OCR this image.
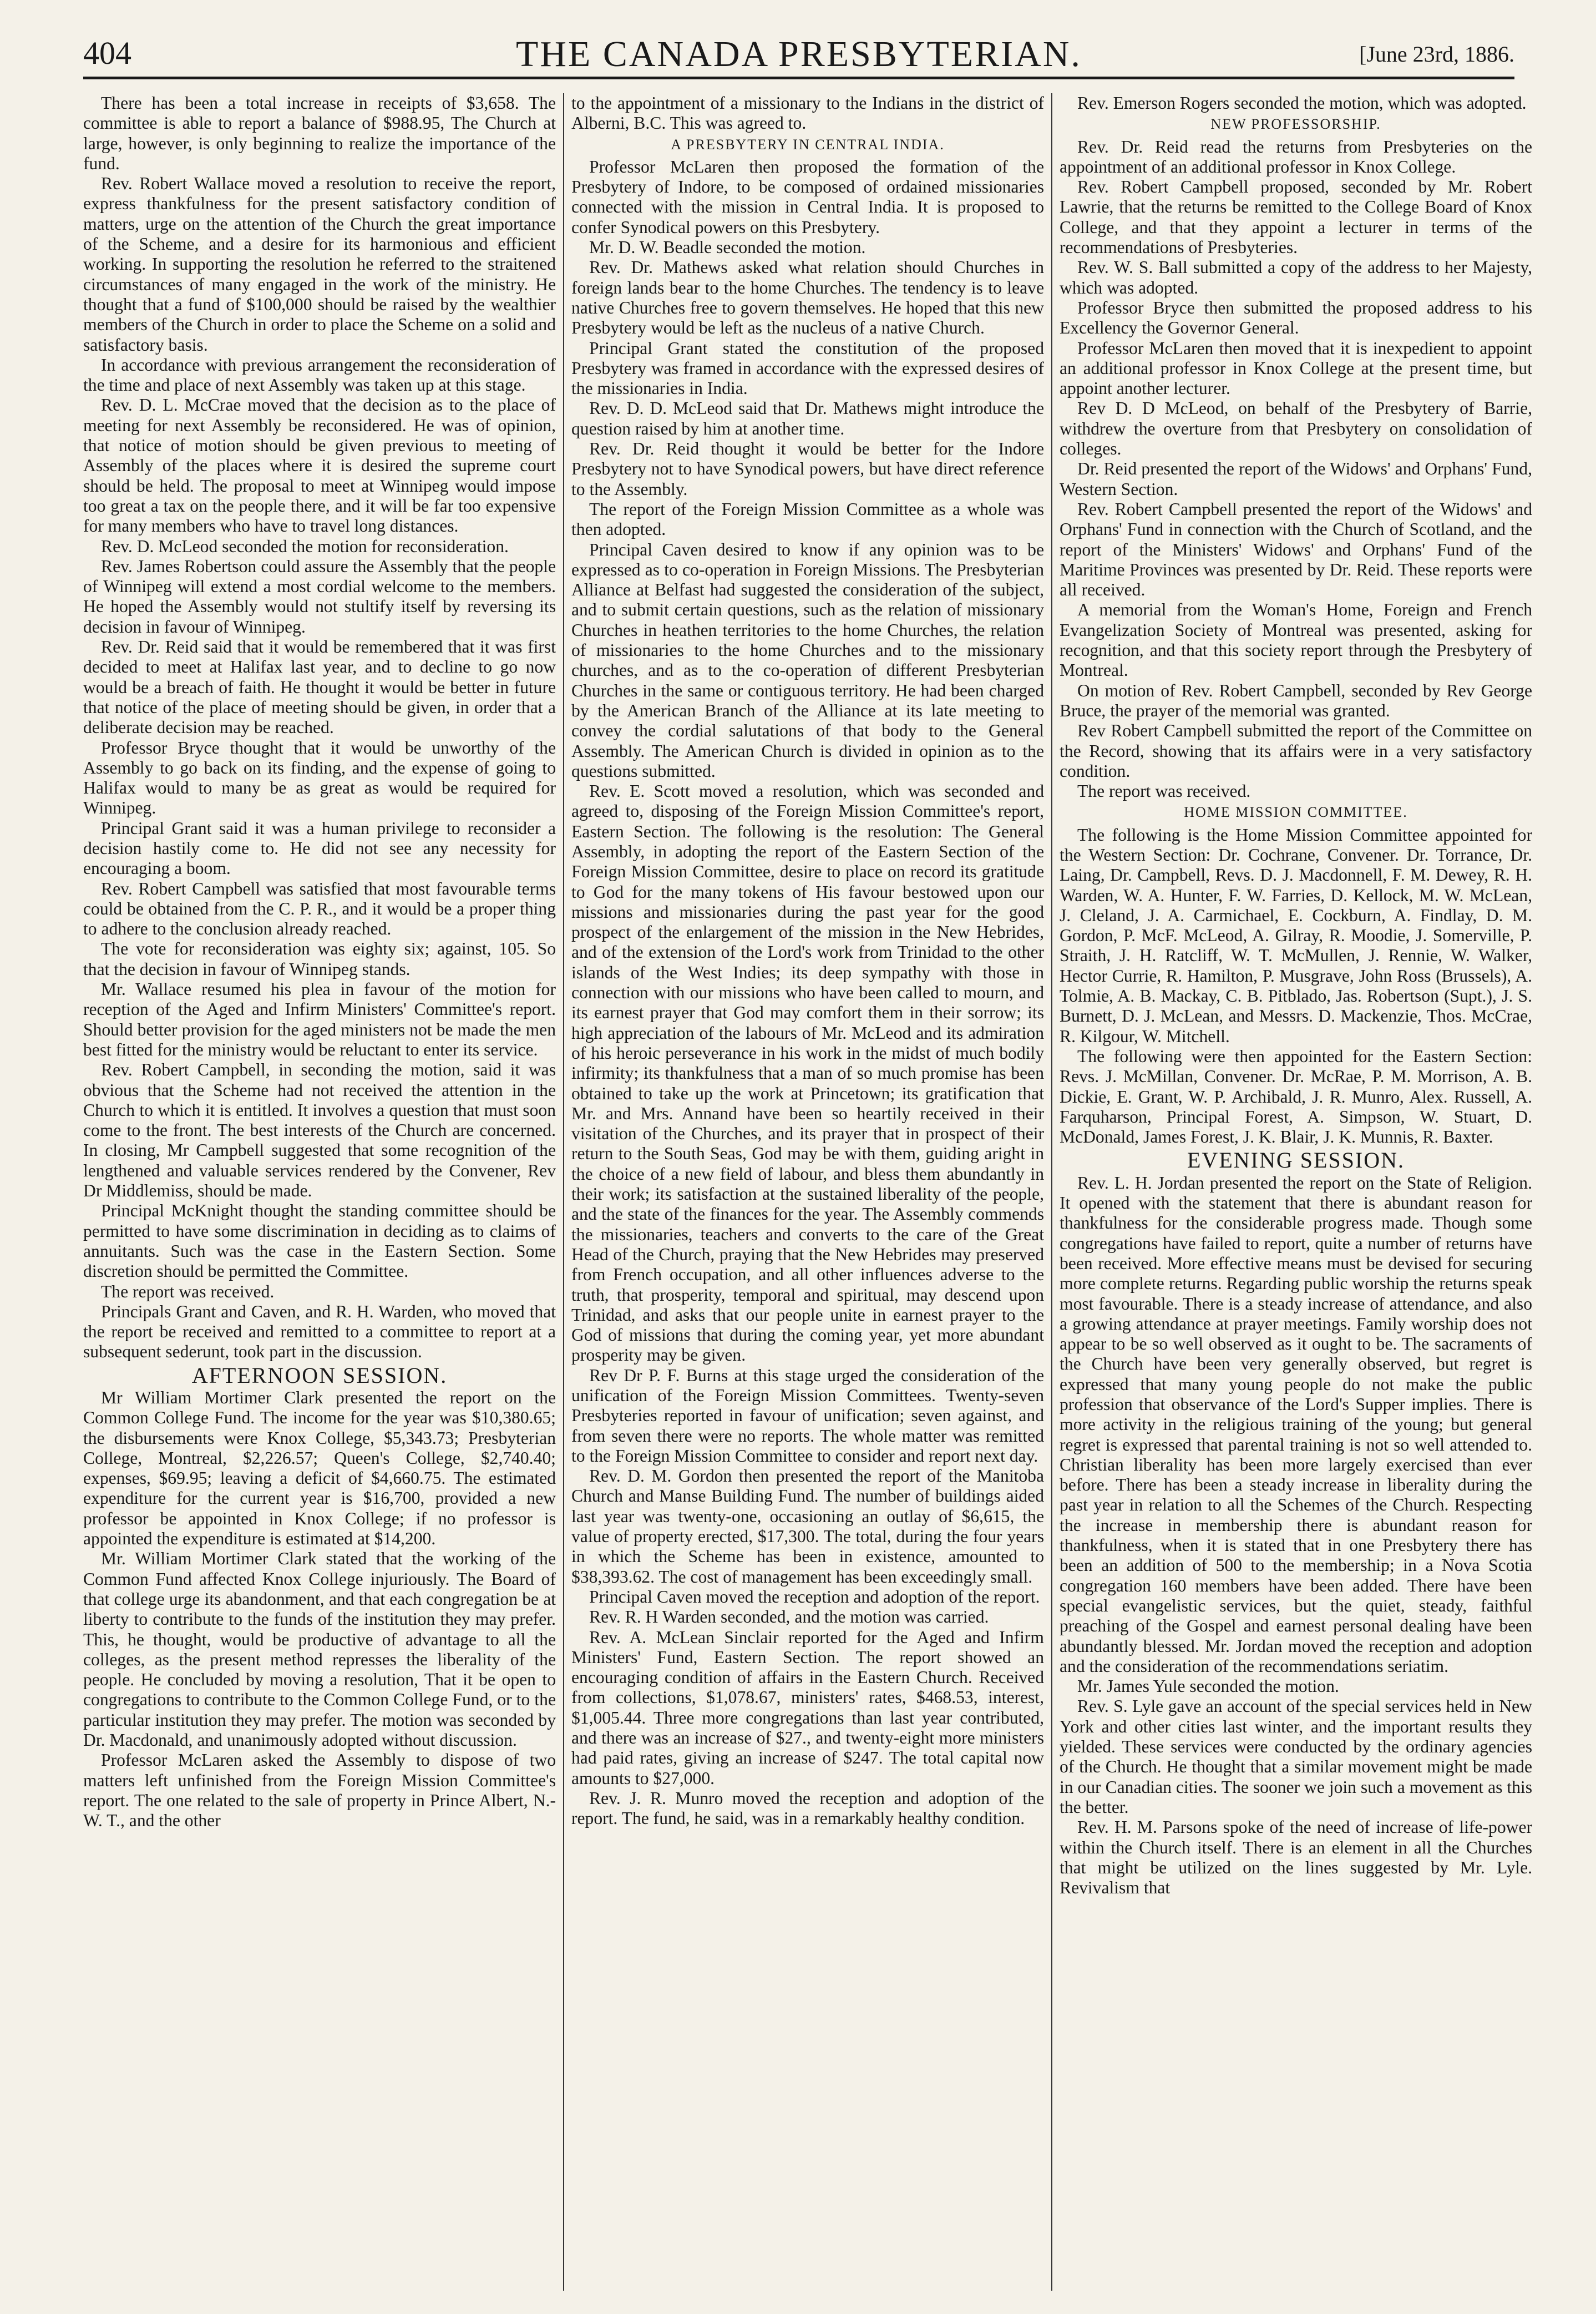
404	THE CANADA PRESBYTERIAN.	[June 23rd, 1886.

There has been a total increase in receipts of $3,658. The committee is able to report a balance of $988.95, The Church at large, however, is only beginning to realize the importance of the fund.

Rev. Robert Wallace moved a resolution to receive the report, express thankfulness for the present satisfactory condition of matters, urge on the attention of the Church the great importance of the Scheme, and a desire for its harmonious and efficient working. In supporting the resolution he referred to the straitened circumstances of many engaged in the work of the ministry. He thought that a fund of $100,000 should be raised by the wealthier members of the Church in order to place the Scheme on a solid and satisfactory basis.

In accordance with previous arrangement the reconsideration of the time and place of next Assembly was taken up at this stage.

Rev. D. L. McCrae moved that the decision as to the place of meeting for next Assembly be reconsidered. He was of opinion, that notice of motion should be given previous to meeting of Assembly of the places where it is desired the supreme court should be held. The proposal to meet at Winnipeg would impose too great a tax on the people there, and it will be far too expensive for many members who have to travel long distances.

Rev. D. McLeod seconded the motion for reconsideration.

Rev. James Robertson could assure the Assembly that the people of Winnipeg will extend a most cordial welcome to the members. He hoped the Assembly would not stultify itself by reversing its decision in favour of Winnipeg.

Rev. Dr. Reid said that it would be remembered that it was first decided to meet at Halifax last year, and to decline to go now would be a breach of faith. He thought it would be better in future that notice of the place of meeting should be given, in order that a deliberate decision may be reached.

Professor Bryce thought that it would be unworthy of the Assembly to go back on its finding, and the expense of going to Halifax would to many be as great as would be required for Winnipeg.

Principal Grant said it was a human privilege to reconsider a decision hastily come to. He did not see any necessity for encouraging a boom.

Rev. Robert Campbell was satisfied that most favourable terms could be obtained from the C. P. R., and it would be a proper thing to adhere to the conclusion already reached.

The vote for reconsideration was eighty six; against, 105. So that the decision in favour of Winnipeg stands.

Mr. Wallace resumed his plea in favour of the motion for reception of the Aged and Infirm Ministers' Committee's report. Should better provision for the aged ministers not be made the men best fitted for the ministry would be reluctant to enter its service.

Rev. Robert Campbell, in seconding the motion, said it was obvious that the Scheme had not received the attention in the Church to which it is entitled. It involves a question that must soon come to the front. The best interests of the Church are concerned. In closing, Mr Campbell suggested that some recognition of the lengthened and valuable services rendered by the Convener, Rev Dr Middlemiss, should be made.

Principal McKnight thought the standing committee should be permitted to have some discrimination in deciding as to claims of annuitants. Such was the case in the Eastern Section. Some discretion should be permitted the Committee.

The report was received.

Principals Grant and Caven, and R. H. Warden, who moved that the report be received and remitted to a committee to report at a subsequent sederunt, took part in the discussion.

AFTERNOON SESSION.

Mr William Mortimer Clark presented the report on the Common College Fund. The income for the year was $10,380.65; the disbursements were Knox College, $5,343.73; Presbyterian College, Montreal, $2,226.57; Queen's College, $2,740.40; expenses, $69.95; leaving a deficit of $4,660.75. The estimated expenditure for the current year is $16,700, provided a new professor be appointed in Knox College; if no professor is appointed the expenditure is estimated at $14,200.

Mr. William Mortimer Clark stated that the working of the Common Fund affected Knox College injuriously. The Board of that college urge its abandonment, and that each congregation be at liberty to contribute to the funds of the institution they may prefer. This, he thought, would be productive of advantage to all the colleges, as the present method represses the liberality of the people. He concluded by moving a resolution, That it be open to congregations to contribute to the Common College Fund, or to the particular institution they may prefer. The motion was seconded by Dr. Macdonald, and unanimously adopted without discussion.

Professor McLaren asked the Assembly to dispose of two matters left unfinished from the Foreign Mission Committee's report. The one related to the sale of property in Prince Albert, N.-W. T., and the other

to the appointment of a missionary to the Indians in the district of Alberni, B.C. This was agreed to.

A PRESBYTERY IN CENTRAL INDIA.

Professor McLaren then proposed the formation of the Presbytery of Indore, to be composed of ordained missionaries connected with the mission in Central India. It is proposed to confer Synodical powers on this Presbytery.

Mr. D. W. Beadle seconded the motion.

Rev. Dr. Mathews asked what relation should Churches in foreign lands bear to the home Churches. The tendency is to leave native Churches free to govern themselves. He hoped that this new Presbytery would be left as the nucleus of a native Church.

Principal Grant stated the constitution of the proposed Presbytery was framed in accordance with the expressed desires of the missionaries in India.

Rev. D. D. McLeod said that Dr. Mathews might introduce the question raised by him at another time.

Rev. Dr. Reid thought it would be better for the Indore Presbytery not to have Synodical powers, but have direct reference to the Assembly.

The report of the Foreign Mission Committee as a whole was then adopted.

Principal Caven desired to know if any opinion was to be expressed as to co-operation in Foreign Missions. The Presbyterian Alliance at Belfast had suggested the consideration of the subject, and to submit certain questions, such as the relation of missionary Churches in heathen territories to the home Churches, the relation of missionaries to the home Churches and to the missionary churches, and as to the co-operation of different Presbyterian Churches in the same or contiguous territory. He had been charged by the American Branch of the Alliance at its late meeting to convey the cordial salutations of that body to the General Assembly. The American Church is divided in opinion as to the questions submitted.

Rev. E. Scott moved a resolution, which was seconded and agreed to, disposing of the Foreign Mission Committee's report, Eastern Section. The following is the resolution: The General Assembly, in adopting the report of the Eastern Section of the Foreign Mission Committee, desire to place on record its gratitude to God for the many tokens of His favour bestowed upon our missions and missionaries during the past year for the good prospect of the enlargement of the mission in the New Hebrides, and of the extension of the Lord's work from Trinidad to the other islands of the West Indies; its deep sympathy with those in connection with our missions who have been called to mourn, and its earnest prayer that God may comfort them in their sorrow; its high appreciation of the labours of Mr. McLeod and its admiration of his heroic perseverance in his work in the midst of much bodily infirmity; its thankfulness that a man of so much promise has been obtained to take up the work at Princetown; its gratification that Mr. and Mrs. Annand have been so heartily received in their visitation of the Churches, and its prayer that in prospect of their return to the South Seas, God may be with them, guiding aright in the choice of a new field of labour, and bless them abundantly in their work; its satisfaction at the sustained liberality of the people, and the state of the finances for the year. The Assembly commends the missionaries, teachers and converts to the care of the Great Head of the Church, praying that the New Hebrides may preserved from French occupation, and all other influences adverse to the truth, that prosperity, temporal and spiritual, may descend upon Trinidad, and asks that our people unite in earnest prayer to the God of missions that during the coming year, yet more abundant prosperity may be given.

Rev Dr P. F. Burns at this stage urged the consideration of the unification of the Foreign Mission Committees. Twenty-seven Presbyteries reported in favour of unification; seven against, and from seven there were no reports. The whole matter was remitted to the Foreign Mission Committee to consider and report next day.

Rev. D. M. Gordon then presented the report of the Manitoba Church and Manse Building Fund. The number of buildings aided last year was twenty-one, occasioning an outlay of $6,615, the value of property erected, $17,300. The total, during the four years in which the Scheme has been in existence, amounted to $38,393.62. The cost of management has been exceedingly small.

Principal Caven moved the reception and adoption of the report.

Rev. R. H Warden seconded, and the motion was carried.

Rev. A. McLean Sinclair reported for the Aged and Infirm Ministers' Fund, Eastern Section. The report showed an encouraging condition of affairs in the Eastern Church. Received from collections, $1,078.67, ministers' rates, $468.53, interest, $1,005.44. Three more congregations than last year contributed, and there was an increase of $27., and twenty-eight more ministers had paid rates, giving an increase of $247. The total capital now amounts to $27,000.

Rev. J. R. Munro moved the reception and adoption of the report. The fund, he said, was in a remarkably healthy condition.

Rev. Emerson Rogers seconded the motion, which was adopted.

NEW PROFESSORSHIP.

Rev. Dr. Reid read the returns from Presbyteries on the appointment of an additional professor in Knox College.

Rev. Robert Campbell proposed, seconded by Mr. Robert Lawrie, that the returns be remitted to the College Board of Knox College, and that they appoint a lecturer in terms of the recommendations of Presbyteries.

Rev. W. S. Ball submitted a copy of the address to her Majesty, which was adopted.

Professor Bryce then submitted the proposed address to his Excellency the Governor General.

Professor McLaren then moved that it is inexpedient to appoint an additional professor in Knox College at the present time, but appoint another lecturer.

Rev D. D McLeod, on behalf of the Presbytery of Barrie, withdrew the overture from that Presbytery on consolidation of colleges.

Dr. Reid presented the report of the Widows' and Orphans' Fund, Western Section.

Rev. Robert Campbell presented the report of the Widows' and Orphans' Fund in connection with the Church of Scotland, and the report of the Ministers' Widows' and Orphans' Fund of the Maritime Provinces was presented by Dr. Reid. These reports were all received.

A memorial from the Woman's Home, Foreign and French Evangelization Society of Montreal was presented, asking for recognition, and that this society report through the Presbytery of Montreal.

On motion of Rev. Robert Campbell, seconded by Rev George Bruce, the prayer of the memorial was granted.

Rev Robert Campbell submitted the report of the Committee on the Record, showing that its affairs were in a very satisfactory condition.

The report was received.

HOME MISSION COMMITTEE.

The following is the Home Mission Committee appointed for the Western Section: Dr. Cochrane, Convener. Dr. Torrance, Dr. Laing, Dr. Campbell, Revs. D. J. Macdonnell, F. M. Dewey, R. H. Warden, W. A. Hunter, F. W. Farries, D. Kellock, M. W. McLean, J. Cleland, J. A. Carmichael, E. Cockburn, A. Findlay, D. M. Gordon, P. McF. McLeod, A. Gilray, R. Moodie, J. Somerville, P. Straith, J. H. Ratcliff, W. T. McMullen, J. Rennie, W. Walker, Hector Currie, R. Hamilton, P. Musgrave, John Ross (Brussels), A. Tolmie, A. B. Mackay, C. B. Pitblado, Jas. Robertson (Supt.), J. S. Burnett, D. J. McLean, and Messrs. D. Mackenzie, Thos. McCrae, R. Kilgour, W. Mitchell.

The following were then appointed for the Eastern Section: Revs. J. McMillan, Convener. Dr. McRae, P. M. Morrison, A. B. Dickie, E. Grant, W. P. Archibald, J. R. Munro, Alex. Russell, A. Farquharson, Principal Forest, A. Simpson, W. Stuart, D. McDonald, James Forest, J. K. Blair, J. K. Munnis, R. Baxter.

EVENING SESSION.

Rev. L. H. Jordan presented the report on the State of Religion. It opened with the statement that there is abundant reason for thankfulness for the considerable progress made. Though some congregations have failed to report, quite a number of returns have been received. More effective means must be devised for securing more complete returns. Regarding public worship the returns speak most favourable. There is a steady increase of attendance, and also a growing attendance at prayer meetings. Family worship does not appear to be so well observed as it ought to be. The sacraments of the Church have been very generally observed, but regret is expressed that many young people do not make the public profession that observance of the Lord's Supper implies. There is more activity in the religious training of the young; but general regret is expressed that parental training is not so well attended to. Christian liberality has been more largely exercised than ever before. There has been a steady increase in liberality during the past year in relation to all the Schemes of the Church. Respecting the increase in membership there is abundant reason for thankfulness, when it is stated that in one Presbytery there has been an addition of 500 to the membership; in a Nova Scotia congregation 160 members have been added. There have been special evangelistic services, but the quiet, steady, faithful preaching of the Gospel and earnest personal dealing have been abundantly blessed. Mr. Jordan moved the reception and adoption and the consideration of the recommendations seriatim.

Mr. James Yule seconded the motion.

Rev. S. Lyle gave an account of the special services held in New York and other cities last winter, and the important results they yielded. These services were conducted by the ordinary agencies of the Church. He thought that a similar movement might be made in our Canadian cities. The sooner we join such a movement as this the better.

Rev. H. M. Parsons spoke of the need of increase of life-power within the Church itself. There is an element in all the Churches that might be utilized on the lines suggested by Mr. Lyle. Revivalism that
